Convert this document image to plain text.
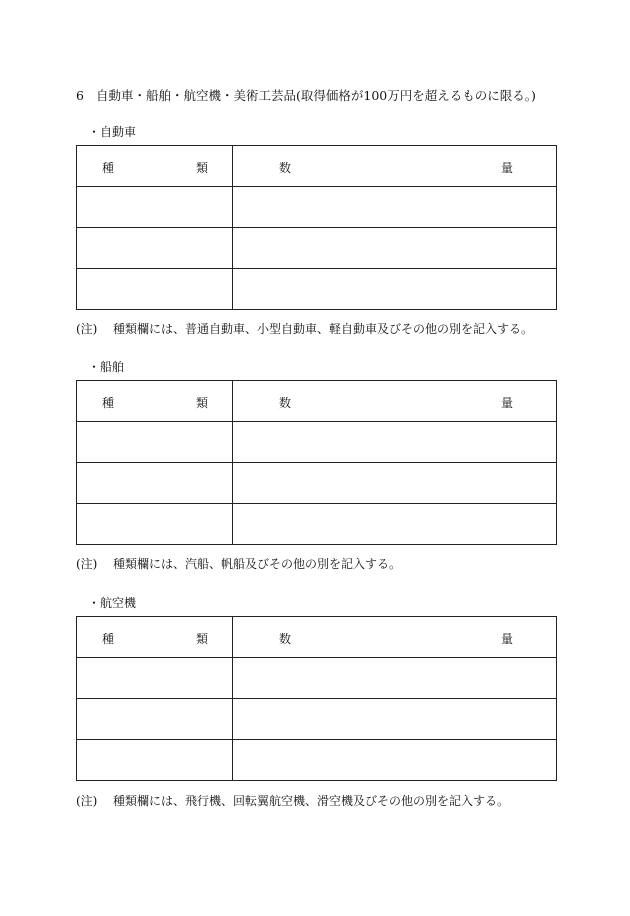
6 自動車・船舶・航空機・美術工芸品(取得価格が100万円を超えるものに限る。)
・自動車
種 類	数 量

(注) 種類欄には、普通自動車、小型自動車、軽自動車及びその他の別を記入する。
・船舶
種 類	数 量

(注) 種類欄には、汽船、帆船及びその他の別を記入する。
・航空機
種 類	数 量

(注) 種類欄には、飛行機、回転翼航空機、滑空機及びその他の別を記入する。
